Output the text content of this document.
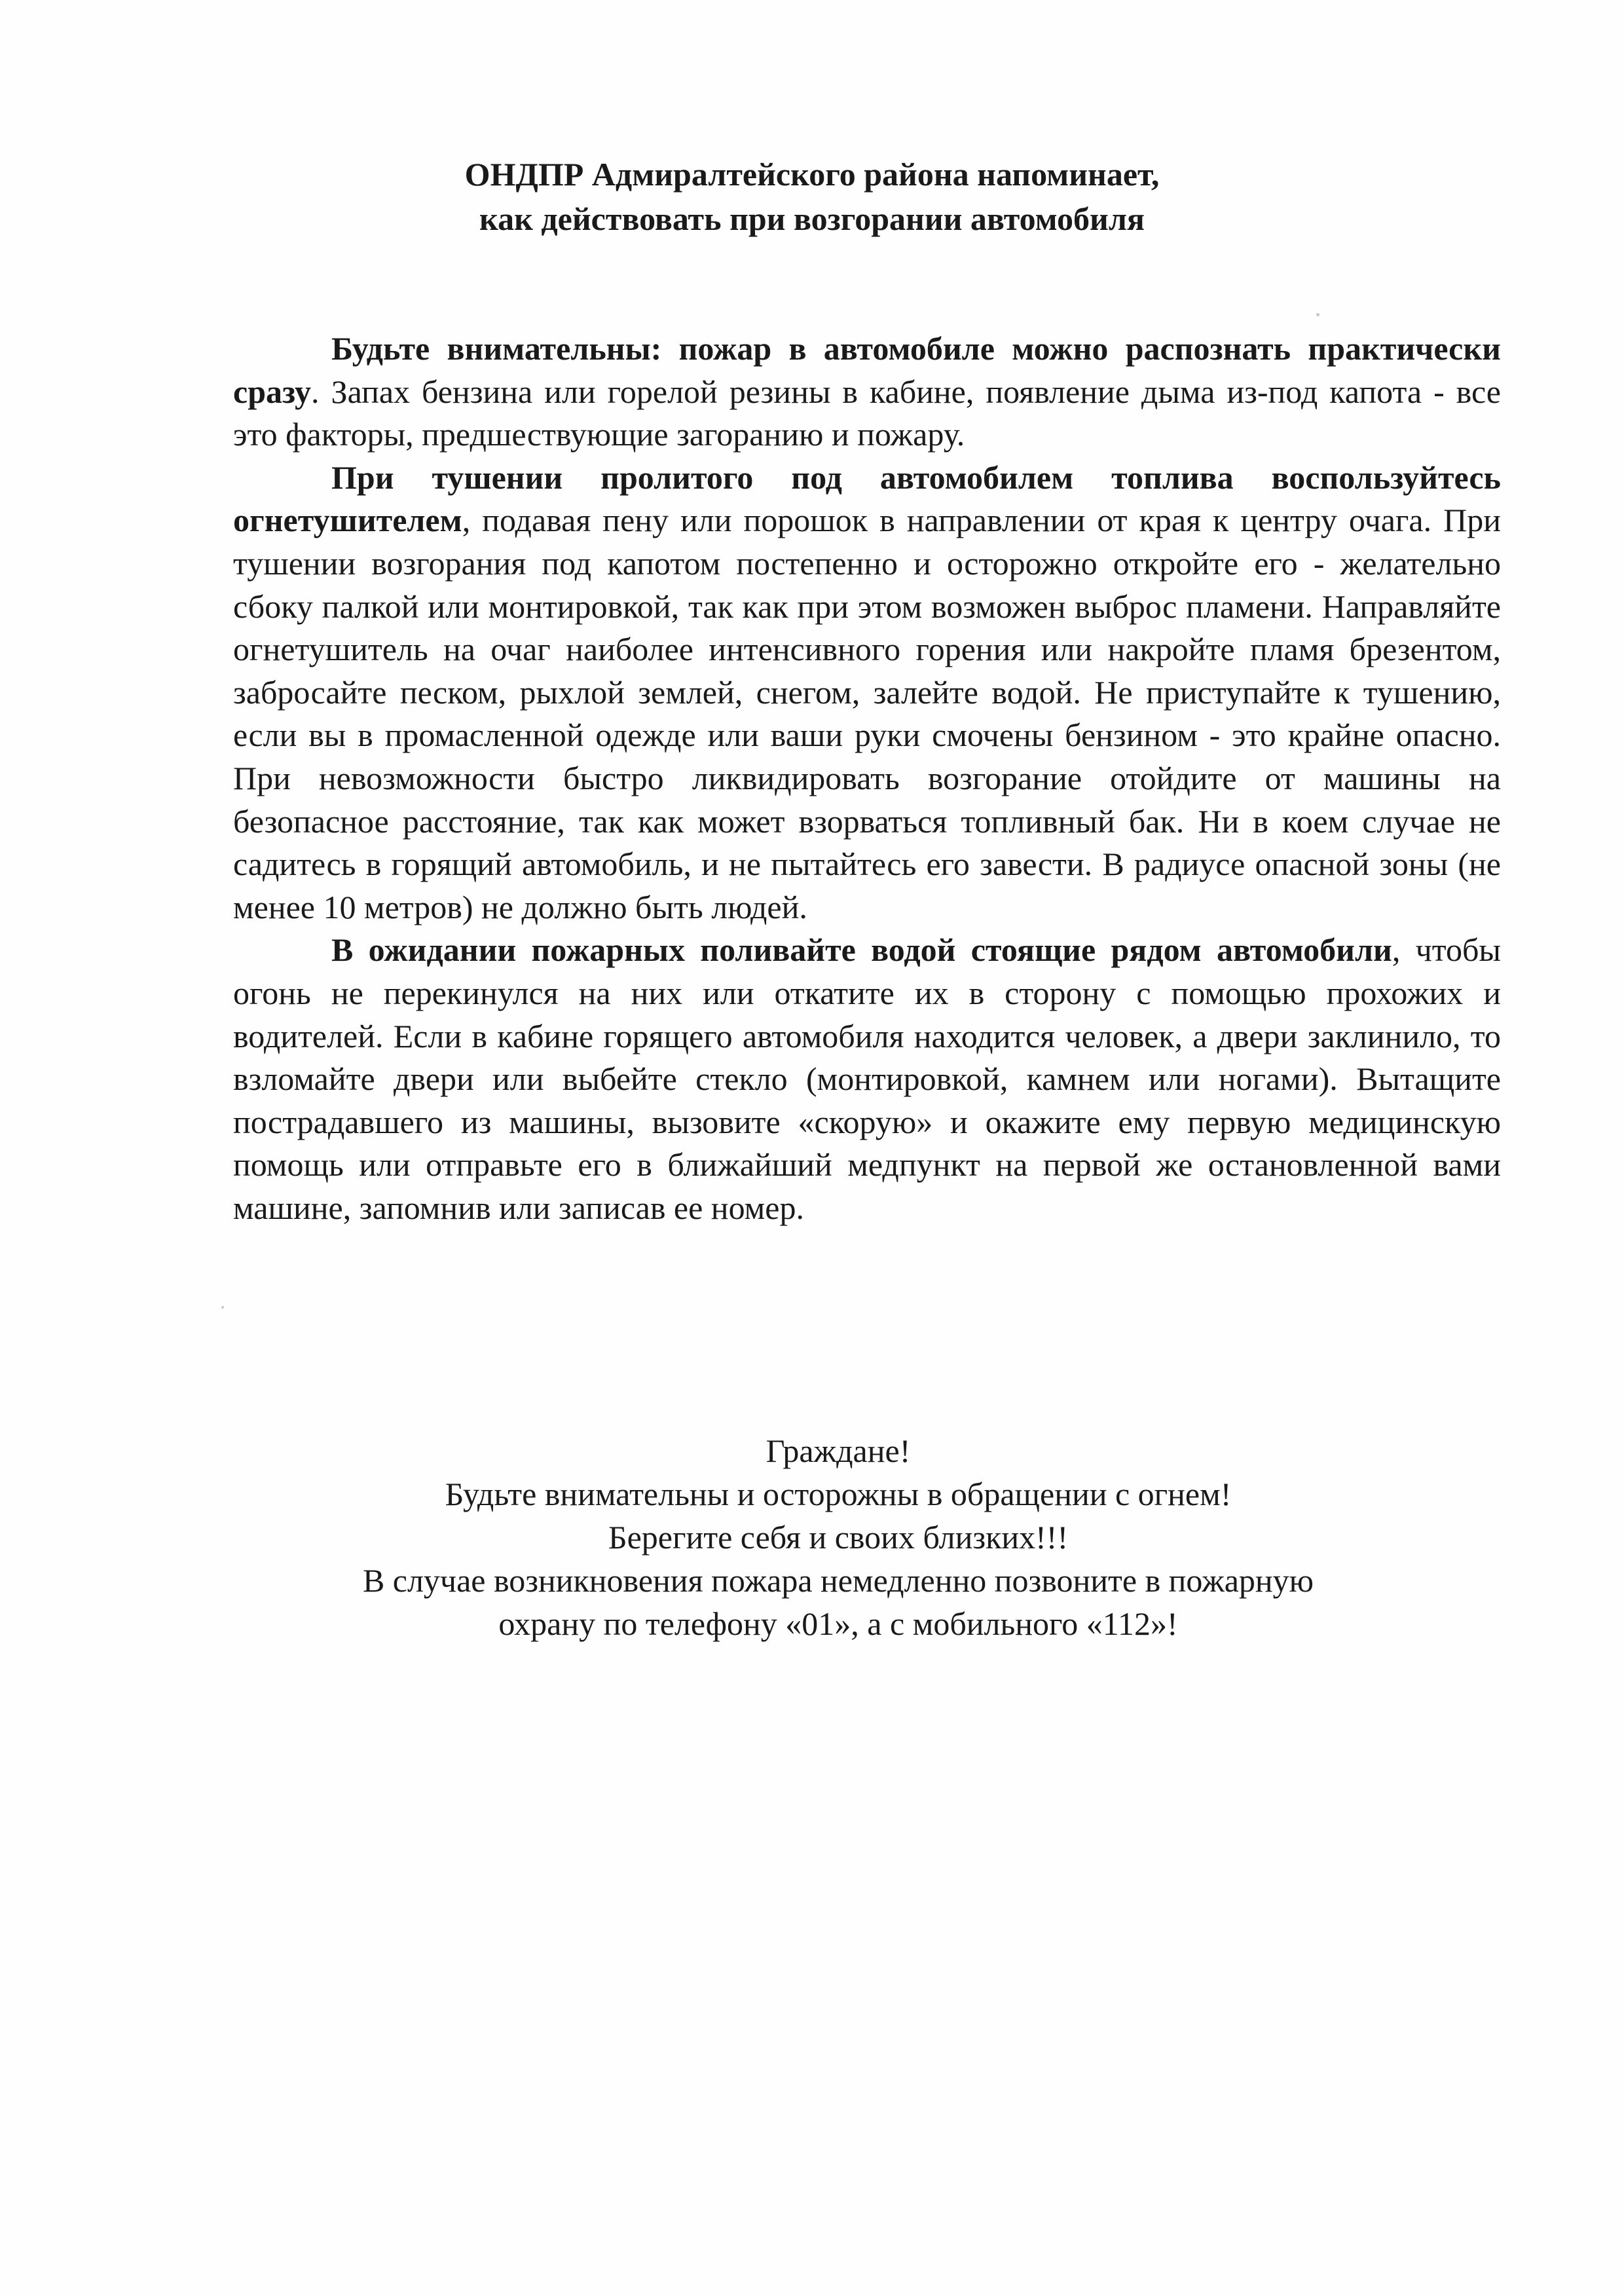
ОНДПР Адмиралтейского района напоминает,
как действовать при возгорании автомобиля

Будьте внимательны: пожар в автомобиле можно распознать практически сразу. Запах бензина или горелой резины в кабине, появление дыма из-под капота - все это факторы, предшествующие загоранию и пожару.

При тушении пролитого под автомобилем топлива воспользуйтесь огнетушителем, подавая пену или порошок в направлении от края к центру очага. При тушении возгорания под капотом постепенно и осторожно откройте его - желательно сбоку палкой или монтировкой, так как при этом возможен выброс пламени. Направляйте огнетушитель на очаг наиболее интенсивного горения или накройте пламя брезентом, забросайте песком, рыхлой землей, снегом, залейте водой. Не приступайте к тушению, если вы в промасленной одежде или ваши руки смочены бензином - это крайне опасно. При невозможности быстро ликвидировать возгорание отойдите от машины на безопасное расстояние, так как может взорваться топливный бак. Ни в коем случае не садитесь в горящий автомобиль, и не пытайтесь его завести. В радиусе опасной зоны (не менее 10 метров) не должно быть людей.

В ожидании пожарных поливайте водой стоящие рядом автомобили, чтобы огонь не перекинулся на них или откатите их в сторону с помощью прохожих и водителей. Если в кабине горящего автомобиля находится человек, а двери заклинило, то взломайте двери или выбейте стекло (монтировкой, камнем или ногами). Вытащите пострадавшего из машины, вызовите «скорую» и окажите ему первую медицинскую помощь или отправьте его в ближайший медпункт на первой же остановленной вами машине, запомнив или записав ее номер.

Граждане!
Будьте внимательны и осторожны в обращении с огнем!
Берегите себя и своих близких!!!
В случае возникновения пожара немедленно позвоните в пожарную
охрану по телефону «01», а с мобильного «112»!
